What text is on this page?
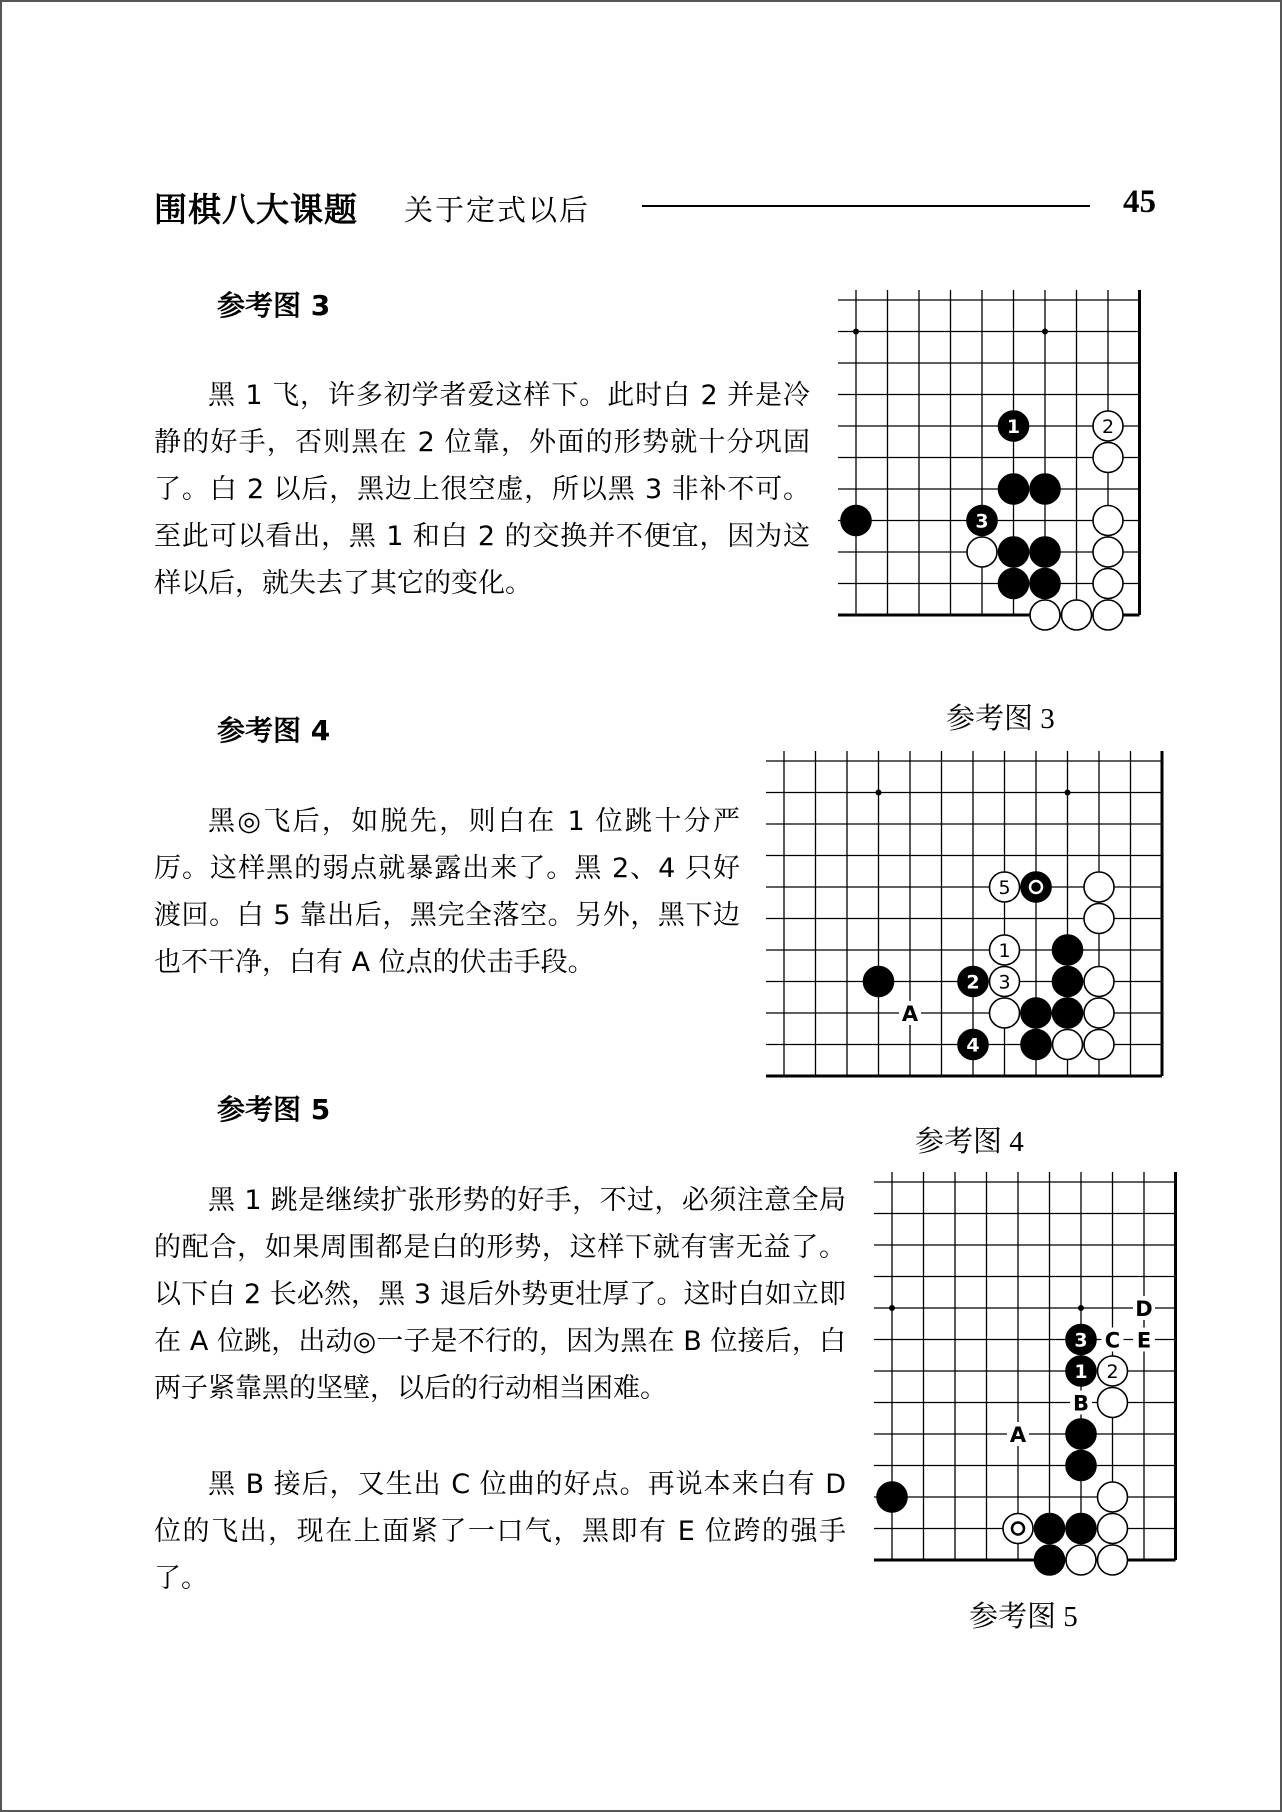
围棋八大课题 关于定式以后	45
参考图 3

黑 1 飞，许多初学者爱这样下。此时白 2 并是冷静的好手，否则黑在 2 位靠，外面的形势就十分巩固了。白 2 以后，黑边上很空虚，所以黑 3 非补不可。至此可以看出，黑 1 和白 2 的交换并不便宜，因为这样以后，就失去了其它的变化。

1
3
2
参考图 3
参考图 4

黑◎飞后，如脱先，则白在 1 位跳十分严厉。这样黑的弱点就暴露出来了。黑 2、4 只好渡回。白 5 靠出后，黑完全落空。另外，黑下边也不干净，白有 A 位点的伏击手段。

2
4
1
3
5
A
参考图 4
参考图 5

黑 1 跳是继续扩张形势的好手，不过，必须注意全局的配合，如果周围都是白的形势，这样下就有害无益了。以下白 2 长必然，黑 3 退后外势更壮厚了。这时白如立即在 A 位跳，出动◎一子是不行的，因为黑在 B 位接后，白两子紧靠黑的坚壁，以后的行动相当困难。

黑 B 接后，又生出 C 位曲的好点。再说本来白有 D 位的飞出，现在上面紧了一口气，黑即有 E 位跨的强手了。

1
3
2
A
B
C
D
E
参考图 5
